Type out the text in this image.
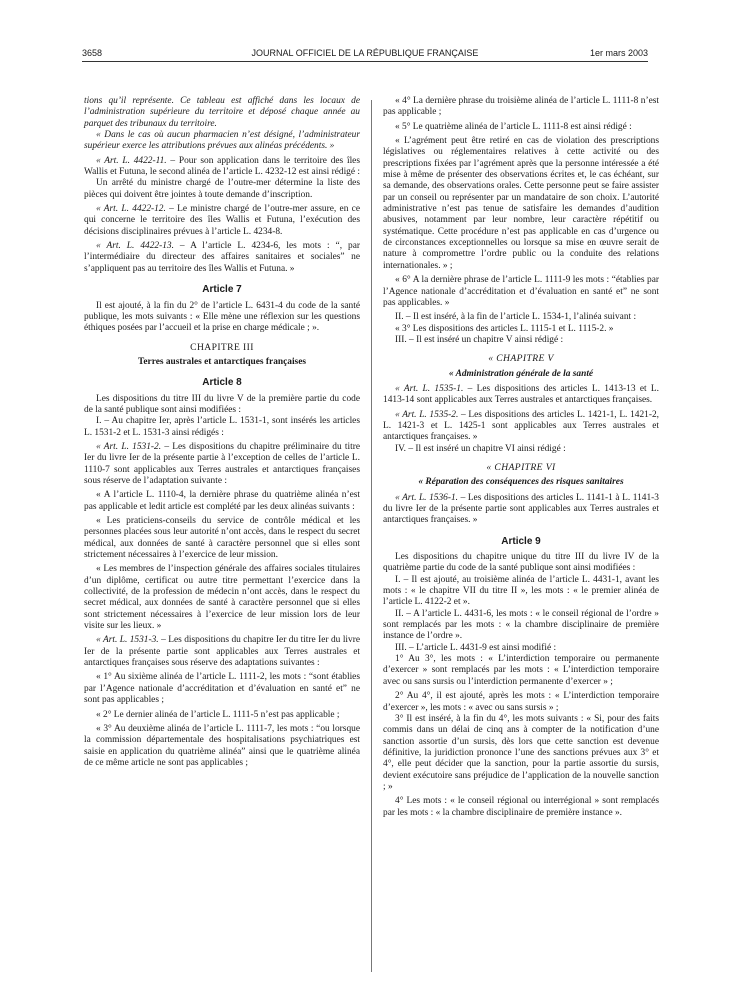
3658	JOURNAL OFFICIEL DE LA RÉPUBLIQUE FRANÇAISE	1er mars 2003

tions qu’il représente. Ce tableau est affiché dans les locaux de l’administration supérieure du territoire et déposé chaque année au parquet des tribunaux du territoire.

« Dans le cas où aucun pharmacien n’est désigné, l’administrateur supérieur exerce les attributions prévues aux alinéas précédents. »

« Art. L. 4422-11. – Pour son application dans le territoire des îles Wallis et Futuna, le second alinéa de l’article L. 4232-12 est ainsi rédigé :

Un arrêté du ministre chargé de l’outre-mer détermine la liste des pièces qui doivent être jointes à toute demande d’inscription.

« Art. L. 4422-12. – Le ministre chargé de l’outre-mer assure, en ce qui concerne le territoire des îles Wallis et Futuna, l’exécution des décisions disciplinaires prévues à l’article L. 4234-8.

« Art. L. 4422-13. – A l’article L. 4234-6, les mots : “, par l’intermédiaire du directeur des affaires sanitaires et sociales” ne s’appliquent pas au territoire des îles Wallis et Futuna. »

Article 7

Il est ajouté, à la fin du 2° de l’article L. 6431-4 du code de la santé publique, les mots suivants : « Elle mène une réflexion sur les questions éthiques posées par l’accueil et la prise en charge médicale ; ».

CHAPITRE III

Terres australes et antarctiques françaises

Article 8

Les dispositions du titre III du livre V de la première partie du code de la santé publique sont ainsi modifiées :

I. – Au chapitre Ier, après l’article L. 1531-1, sont insérés les articles L. 1531-2 et L. 1531-3 ainsi rédigés :

« Art. L. 1531-2. – Les dispositions du chapitre préliminaire du titre Ier du livre Ier de la présente partie à l’exception de celles de l’article L. 1110-7 sont applicables aux Terres australes et antarctiques françaises sous réserve de l’adaptation suivante :

« A l’article L. 1110-4, la dernière phrase du quatrième alinéa n’est pas applicable et ledit article est complété par les deux alinéas suivants :

« Les praticiens-conseils du service de contrôle médical et les personnes placées sous leur autorité n’ont accès, dans le respect du secret médical, aux données de santé à caractère personnel que si elles sont strictement nécessaires à l’exercice de leur mission.

« Les membres de l’inspection générale des affaires sociales titulaires d’un diplôme, certificat ou autre titre permettant l’exercice dans la collectivité, de la profession de médecin n’ont accès, dans le respect du secret médical, aux données de santé à caractère personnel que si elles sont strictement nécessaires à l’exercice de leur mission lors de leur visite sur les lieux. »

« Art. L. 1531-3. – Les dispositions du chapitre Ier du titre Ier du livre Ier de la présente partie sont applicables aux Terres australes et antarctiques françaises sous réserve des adaptations suivantes :

« 1° Au sixième alinéa de l’article L. 1111-2, les mots : “sont établies par l’Agence nationale d’accréditation et d’évaluation en santé et” ne sont pas applicables ;

« 2° Le dernier alinéa de l’article L. 1111-5 n’est pas applicable ;

« 3° Au deuxième alinéa de l’article L. 1111-7, les mots : “ou lorsque la commission départementale des hospitalisations psychiatriques est saisie en application du quatrième alinéa” ainsi que le quatrième alinéa de ce même article ne sont pas applicables ;

« 4° La dernière phrase du troisième alinéa de l’article L. 1111-8 n’est pas applicable ;

« 5° Le quatrième alinéa de l’article L. 1111-8 est ainsi rédigé :

« L’agrément peut être retiré en cas de violation des prescriptions législatives ou réglementaires relatives à cette activité ou des prescriptions fixées par l’agrément après que la personne intéressée a été mise à même de présenter des observations écrites et, le cas échéant, sur sa demande, des observations orales. Cette personne peut se faire assister par un conseil ou représenter par un mandataire de son choix. L’autorité administrative n’est pas tenue de satisfaire les demandes d’audition abusives, notamment par leur nombre, leur caractère répétitif ou systématique. Cette procédure n’est pas applicable en cas d’urgence ou de circonstances exceptionnelles ou lorsque sa mise en œuvre serait de nature à compromettre l’ordre public ou la conduite des relations internationales. » ;

« 6° A la dernière phrase de l’article L. 1111-9 les mots : “établies par l’Agence nationale d’accréditation et d’évaluation en santé et” ne sont pas applicables. »

II. – Il est inséré, à la fin de l’article L. 1534-1, l’alinéa suivant :

« 3° Les dispositions des articles L. 1115-1 et L. 1115-2. »

III. – Il est inséré un chapitre V ainsi rédigé :

« CHAPITRE V

« Administration générale de la santé

« Art. L. 1535-1. – Les dispositions des articles L. 1413-13 et L. 1413-14 sont applicables aux Terres australes et antarctiques françaises.

« Art. L. 1535-2. – Les dispositions des articles L. 1421-1, L. 1421-2, L. 1421-3 et L. 1425-1 sont applicables aux Terres australes et antarctiques françaises. »

IV. – Il est inséré un chapitre VI ainsi rédigé :

« CHAPITRE VI

« Réparation des conséquences des risques sanitaires

« Art. L. 1536-1. – Les dispositions des articles L. 1141-1 à L. 1141-3 du livre Ier de la présente partie sont applicables aux Terres australes et antarctiques françaises. »

Article 9

Les dispositions du chapitre unique du titre III du livre IV de la quatrième partie du code de la santé publique sont ainsi modifiées :

I. – Il est ajouté, au troisième alinéa de l’article L. 4431-1, avant les mots : « le chapitre VII du titre II », les mots : « le premier alinéa de l’article L. 4122-2 et ».

II. – A l’article L. 4431-6, les mots : « le conseil régional de l’ordre » sont remplacés par les mots : « la chambre disciplinaire de première instance de l’ordre ».

III. – L’article L. 4431-9 est ainsi modifié :

1° Au 3°, les mots : « L’interdiction temporaire ou permanente d’exercer » sont remplacés par les mots : « L’interdiction temporaire avec ou sans sursis ou l’interdiction permanente d’exercer » ;

2° Au 4°, il est ajouté, après les mots : « L’interdiction temporaire d’exercer », les mots : « avec ou sans sursis » ;

3° Il est inséré, à la fin du 4°, les mots suivants : « Si, pour des faits commis dans un délai de cinq ans à compter de la notification d’une sanction assortie d’un sursis, dès lors que cette sanction est devenue définitive, la juridiction prononce l’une des sanctions prévues aux 3° et 4°, elle peut décider que la sanction, pour la partie assortie du sursis, devient exécutoire sans préjudice de l’application de la nouvelle sanction ; »

4° Les mots : « le conseil régional ou interrégional » sont remplacés par les mots : « la chambre disciplinaire de première instance ».
